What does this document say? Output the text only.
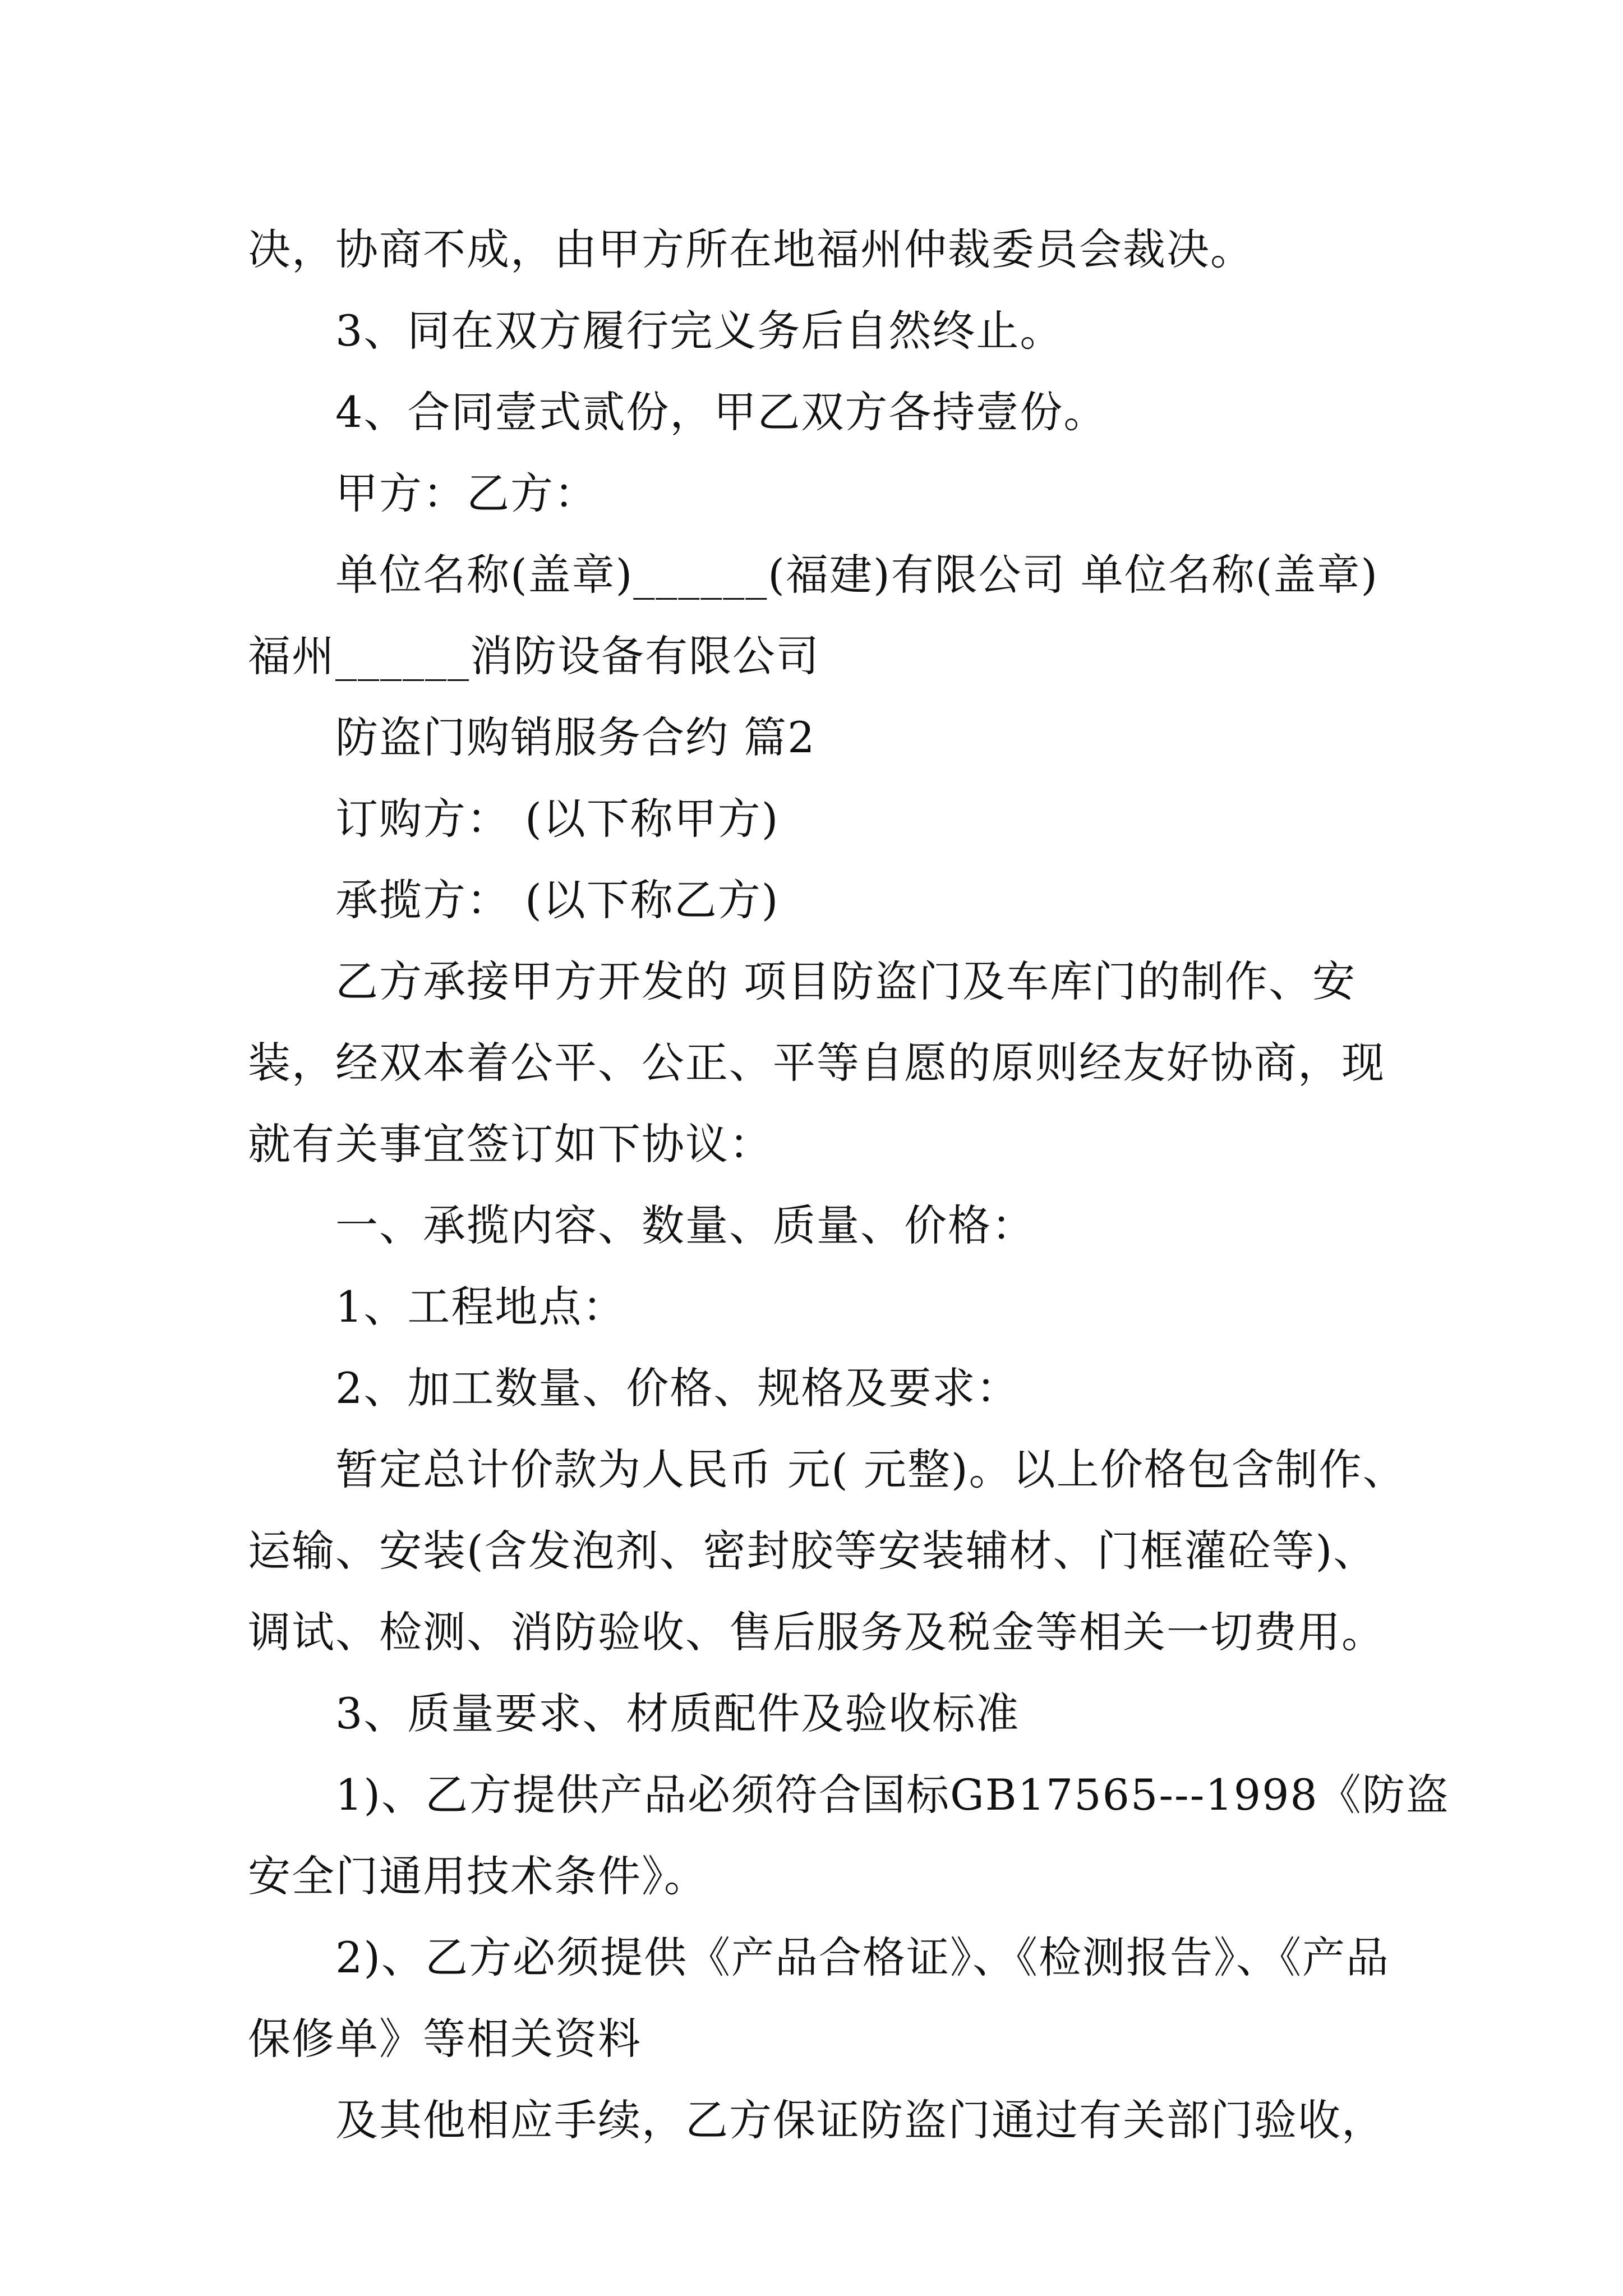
决，协商不成，由甲方所在地福州仲裁委员会裁决。
3、同在双方履行完义务后自然终止。
4、合同壹式贰份，甲乙双方各持壹份。
甲方：乙方：
单位名称(盖章)______(福建)有限公司 单位名称(盖章)
福州______消防设备有限公司
防盗门购销服务合约 篇2
订购方： (以下称甲方)
承揽方： (以下称乙方)
乙方承接甲方开发的 项目防盗门及车库门的制作、安
装，经双本着公平、公正、平等自愿的原则经友好协商，现
就有关事宜签订如下协议：
一、承揽内容、数量、质量、价格：
1、工程地点：
2、加工数量、价格、规格及要求：
暂定总计价款为人民币 元( 元整)。以上价格包含制作、
运输、安装(含发泡剂、密封胶等安装辅材、门框灌砼等)、
调试、检测、消防验收、售后服务及税金等相关一切费用。
3、质量要求、材质配件及验收标准
1)、乙方提供产品必须符合国标GB17565---1998《防盗
安全门通用技术条件》。
2)、乙方必须提供《产品合格证》、《检测报告》、《产品
保修单》等相关资料
及其他相应手续，乙方保证防盗门通过有关部门验收，
